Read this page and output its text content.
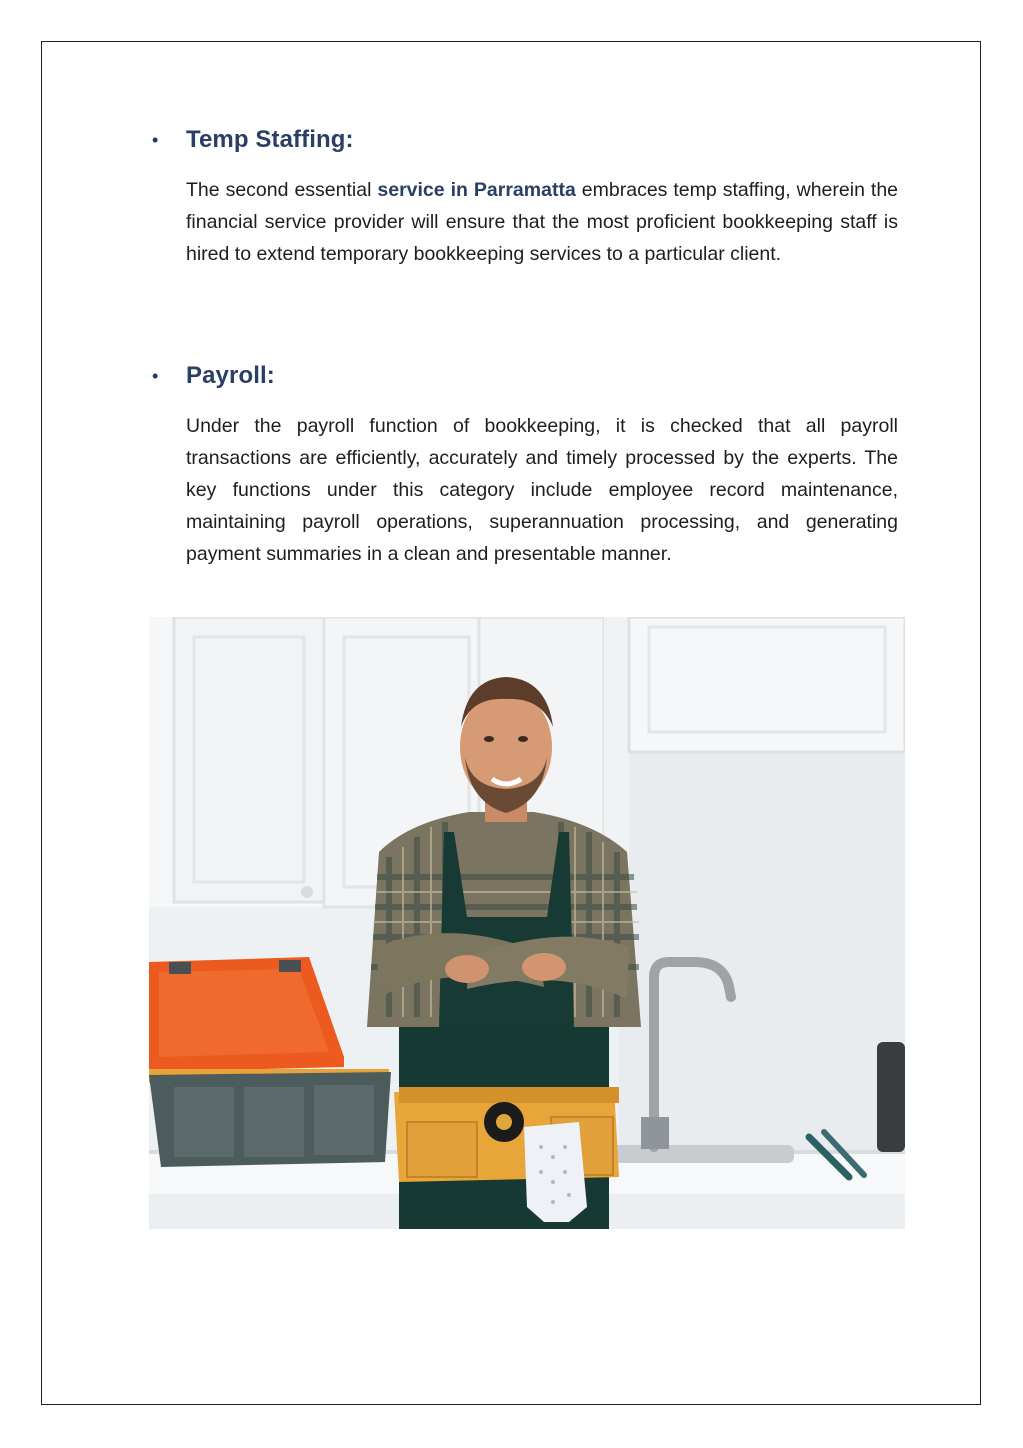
• Temp Staffing:

The second essential service in Parramatta embraces temp staffing, wherein the financial service provider will ensure that the most proficient bookkeeping staff is hired to extend temporary bookkeeping services to a particular client.

• Payroll:

Under the payroll function of bookkeeping, it is checked that all payroll transactions are efficiently, accurately and timely processed by the experts. The key functions under this category include employee record maintenance, maintaining payroll operations, superannuation processing, and generating payment summaries in a clean and presentable manner.
